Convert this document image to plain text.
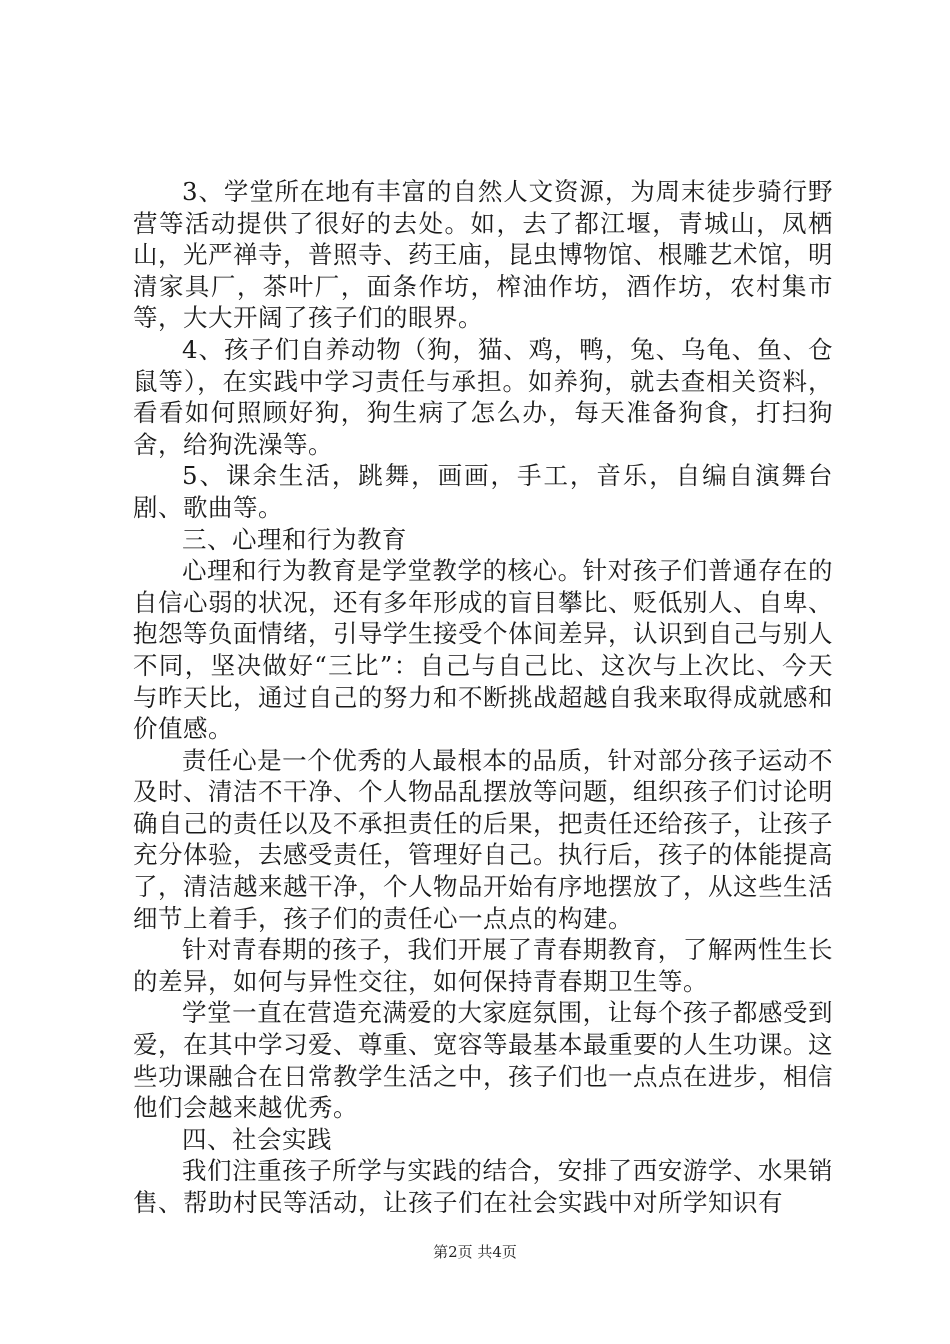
3、学堂所在地有丰富的自然人文资源，为周末徒步骑行野营等活动提供了很好的去处。如，去了都江堰，青城山，凤栖山，光严禅寺，普照寺、药王庙，昆虫博物馆、根雕艺术馆，明清家具厂，茶叶厂，面条作坊，榨油作坊，酒作坊，农村集市等，大大开阔了孩子们的眼界。

4、孩子们自养动物（狗，猫、鸡，鸭，兔、乌龟、鱼、仓鼠等），在实践中学习责任与承担。如养狗，就去查相关资料，看看如何照顾好狗，狗生病了怎么办，每天准备狗食，打扫狗舍，给狗洗澡等。

5、课余生活，跳舞，画画，手工，音乐，自编自演舞台剧、歌曲等。

三、心理和行为教育

心理和行为教育是学堂教学的核心。针对孩子们普通存在的自信心弱的状况，还有多年形成的盲目攀比、贬低别人、自卑、抱怨等负面情绪，引导学生接受个体间差异，认识到自己与别人不同，坚决做好“三比”：自己与自己比、这次与上次比、今天与昨天比，通过自己的努力和不断挑战超越自我来取得成就感和价值感。

责任心是一个优秀的人最根本的品质，针对部分孩子运动不及时、清洁不干净、个人物品乱摆放等问题，组织孩子们讨论明确自己的责任以及不承担责任的后果，把责任还给孩子，让孩子充分体验，去感受责任，管理好自己。执行后，孩子的体能提高了，清洁越来越干净，个人物品开始有序地摆放了，从这些生活细节上着手，孩子们的责任心一点点的构建。

针对青春期的孩子，我们开展了青春期教育，了解两性生长的差异，如何与异性交往，如何保持青春期卫生等。

学堂一直在营造充满爱的大家庭氛围，让每个孩子都感受到爱，在其中学习爱、尊重、宽容等最基本最重要的人生功课。这些功课融合在日常教学生活之中，孩子们也一点点在进步，相信他们会越来越优秀。

四、社会实践

我们注重孩子所学与实践的结合，安排了西安游学、水果销售、帮助村民等活动，让孩子们在社会实践中对所学知识有

第2页 共4页
